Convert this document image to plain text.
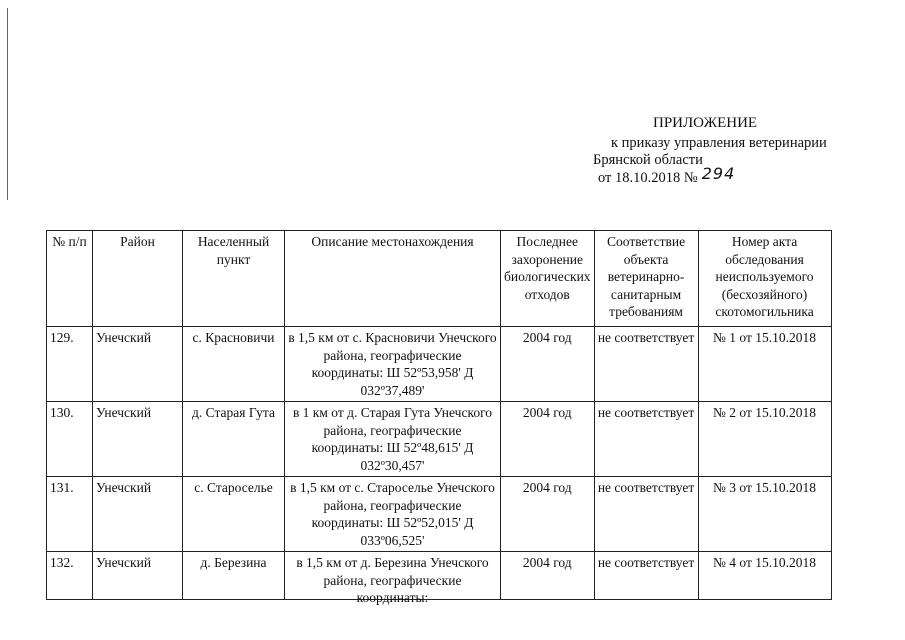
ПРИЛОЖЕНИЕ
к приказу управления ветеринарии
Брянской области
от 18.10.2018 № 294
№ п/п	Район	Населенный пункт	Описание местонахождения	Последнее захоронение биологических отходов	Соответствие объекта ветеринарно-санитарным требованиям	Номер акта обследования неиспользуемого (бесхозяйного) скотомогильника
129.	Унечский	с. Красновичи	в 1,5 км от с. Красновичи Унечского района, географические координаты: Ш 52º53,958' Д 032º37,489'	2004 год	не соответствует	№ 1 от 15.10.2018
130.	Унечский	д. Старая Гута	в 1 км от д. Старая Гута Унечского района, географические координаты: Ш 52º48,615' Д 032º30,457'	2004 год	не соответствует	№ 2 от 15.10.2018
131.	Унечский	с. Староселье	в 1,5 км от с. Староселье Унечского района, географические координаты: Ш 52º52,015' Д 033º06,525'	2004 год	не соответствует	№ 3 от 15.10.2018
132.	Унечский	д. Березина	в 1,5 км от д. Березина Унечского района, географические координаты:	2004 год	не соответствует	№ 4 от 15.10.2018
